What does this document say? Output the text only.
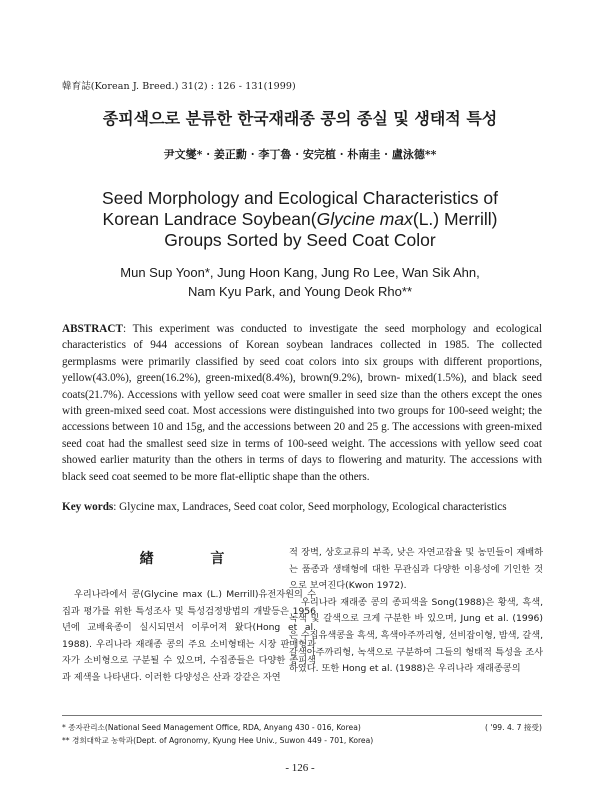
韓育誌(Korean J. Breed.) 31(2) : 126 - 131(1999)
종피색으로 분류한 한국재래종 콩의 종실 및 생태적 특성
尹文燮* · 姜正勳 · 李丁魯 · 安完植 · 朴南圭 · 盧泳德**
Seed Morphology and Ecological Characteristics of
Korean Landrace Soybean(Glycine max(L.) Merrill)
Groups Sorted by Seed Coat Color
Mun Sup Yoon*, Jung Hoon Kang, Jung Ro Lee, Wan Sik Ahn,
Nam Kyu Park, and Young Deok Rho**
ABSTRACT: This experiment was conducted to investigate the seed morphology and ecological characteristics of 944 accessions of Korean soybean landraces collected in 1985. The collected germplasms were primarily classified by seed coat colors into six groups with different proportions, yellow(43.0%), green(16.2%), green-mixed(8.4%), brown(9.2%), brown- mixed(1.5%), and black seed coats(21.7%). Accessions with yellow seed coat were smaller in seed size than the others except the ones with green-mixed seed coat. Most accessions were distinguished into two groups for 100-seed weight; the accessions between 10 and 15g, and the accessions between 20 and 25 g. The accessions with green-mixed seed coat had the smallest seed size in terms of 100-seed weight. The accessions with yellow seed coat showed earlier maturity than the others in terms of days to flowering and maturity. The accessions with black seed coat seemed to be more flat-elliptic shape than the others.
Key words: Glycine max, Landraces, Seed coat color, Seed morphology, Ecological characteristics
緖 言

우리나라에서 콩(Glycine max (L.) Merrill)유전자원의 수집과 평가를 위한 특성조사 및 특성검정방법의 개발등은 1956년에 교배육종이 실시되면서 이루어져 왔다(Hong et al. 1988). 우리나라 재래종 콩의 주요 소비형태는 시장 판매형과 자가 소비형으로 구분될 수 있으며, 수집종들은 다양한 종피색과 제색을 나타낸다. 이러한 다양성은 산과 강같은 자연

적 장벽, 상호교류의 부족, 낮은 자연교잡율 및 농민들이 재배하는 품종과 생태형에 대한 무관심과 다양한 이용성에 기인한 것으로 보여진다(Kwon 1972).

우리나라 재래종 콩의 종피색을 Song(1988)은 황색, 흑색, 녹색 및 갈색으로 크게 구분한 바 있으며, Jung et al. (1996)은 수집유색콩을 흑색, 흑색아주까리형, 선비잡이형, 밤색, 갈색, 갈색아주까리형, 녹색으로 구분하여 그들의 형태적 특성을 조사하였다. 또한 Hong et al. (1988)은 우리나라 재래종콩의

* 종자관리소(National Seed Management Office, RDA, Anyang 430 - 016, Korea)	( '99. 4. 7 接受)
** 경희대학교 농학과(Dept. of Agronomy, Kyung Hee Univ., Suwon 449 - 701, Korea)
- 126 -
